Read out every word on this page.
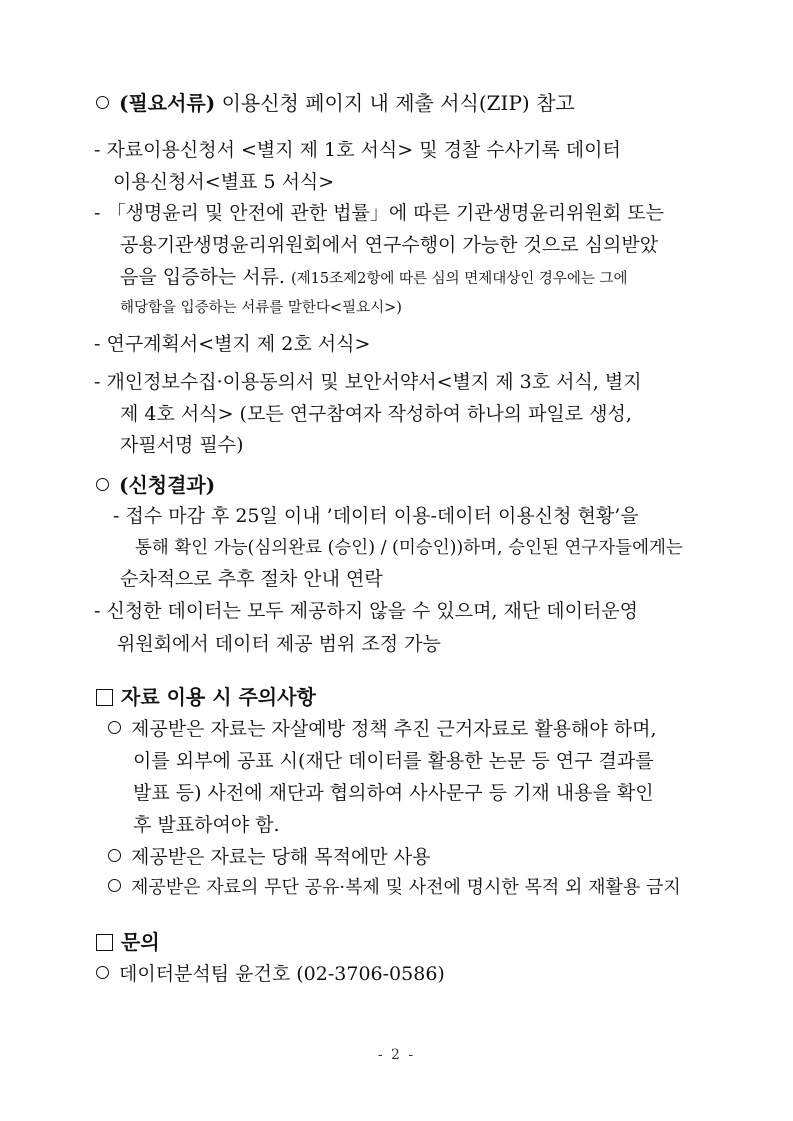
(필요서류) 이용신청 페이지 내 제출 서식(ZIP) 참고
- 자료이용신청서 <별지 제 1호 서식> 및 경찰 수사기록 데이터
이용신청서<별표 5 서식>
- 「생명윤리 및 안전에 관한 법률」에 따른 기관생명윤리위원회 또는
공용기관생명윤리위원회에서 연구수행이 가능한 것으로 심의받았
음을 입증하는 서류. (제15조제2항에 따른 심의 면제대상인 경우에는 그에
해당함을 입증하는 서류를 말한다<필요시>)
- 연구계획서<별지 제 2호 서식>
- 개인정보수집·이용동의서 및 보안서약서<별지 제 3호 서식, 별지
제 4호 서식> (모든 연구참여자 작성하여 하나의 파일로 생성,
자필서명 필수)
(신청결과)
- 접수 마감 후 25일 이내 ’데이터 이용-데이터 이용신청 현황’을
통해 확인 가능(심의완료 (승인) / (미승인))하며, 승인된 연구자들에게는
순차적으로 추후 절차 안내 연락
- 신청한 데이터는 모두 제공하지 않을 수 있으며, 재단 데이터운영
위원회에서 데이터 제공 범위 조정 가능
자료 이용 시 주의사항
제공받은 자료는 자살예방 정책 추진 근거자료로 활용해야 하며,
이를 외부에 공표 시(재단 데이터를 활용한 논문 등 연구 결과를
발표 등) 사전에 재단과 협의하여 사사문구 등 기재 내용을 확인
후 발표하여야 함.
제공받은 자료는 당해 목적에만 사용
제공받은 자료의 무단 공유·복제 및 사전에 명시한 목적 외 재활용 금지
문의
데이터분석팀 윤건호 (02-3706-0586)
- 2 -
